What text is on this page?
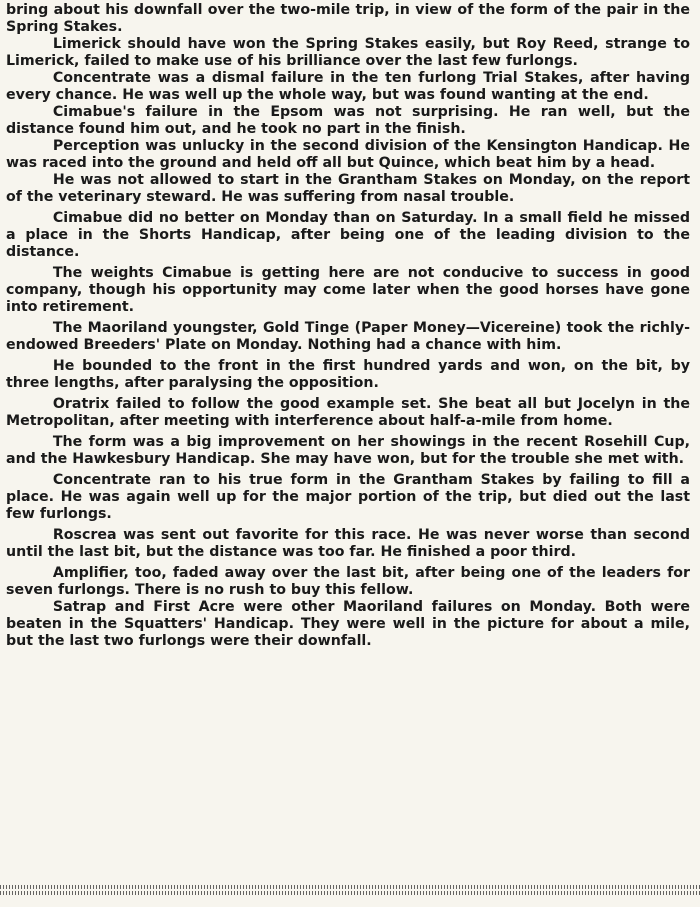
bring about his downfall over the two-mile trip, in view of the form of the pair in the Spring Stakes.

Limerick should have won the Spring Stakes easily, but Roy Reed, strange to Limerick, failed to make use of his brilliance over the last few furlongs.

Concentrate was a dismal failure in the ten furlong Trial Stakes, after having every chance. He was well up the whole way, but was found wanting at the end.

Cimabue's failure in the Epsom was not surprising. He ran well, but the distance found him out, and he took no part in the finish.

Perception was unlucky in the second division of the Kensington Handicap. He was raced into the ground and held off all but Quince, which beat him by a head.

He was not allowed to start in the Grantham Stakes on Monday, on the report of the veterinary steward. He was suffering from nasal trouble.

Cimabue did no better on Monday than on Saturday. In a small field he missed a place in the Shorts Handicap, after being one of the leading division to the distance.

The weights Cimabue is getting here are not conducive to success in good company, though his opportunity may come later when the good horses have gone into retirement.

The Maoriland youngster, Gold Tinge (Paper Money—Vicereine) took the richly-endowed Breeders' Plate on Monday. Nothing had a chance with him.

He bounded to the front in the first hundred yards and won, on the bit, by three lengths, after paralysing the opposition.

Oratrix failed to follow the good example set. She beat all but Jocelyn in the Metropolitan, after meeting with interference about half-a-mile from home.

The form was a big improvement on her showings in the recent Rosehill Cup, and the Hawkesbury Handicap. She may have won, but for the trouble she met with.

Concentrate ran to his true form in the Grantham Stakes by failing to fill a place. He was again well up for the major portion of the trip, but died out the last few furlongs.

Roscrea was sent out favorite for this race. He was never worse than second until the last bit, but the distance was too far. He finished a poor third.

Amplifier, too, faded away over the last bit, after being one of the leaders for seven furlongs. There is no rush to buy this fellow.

Satrap and First Acre were other Maoriland failures on Monday. Both were beaten in the Squatters' Handicap. They were well in the picture for about a mile, but the last two furlongs were their downfall.
